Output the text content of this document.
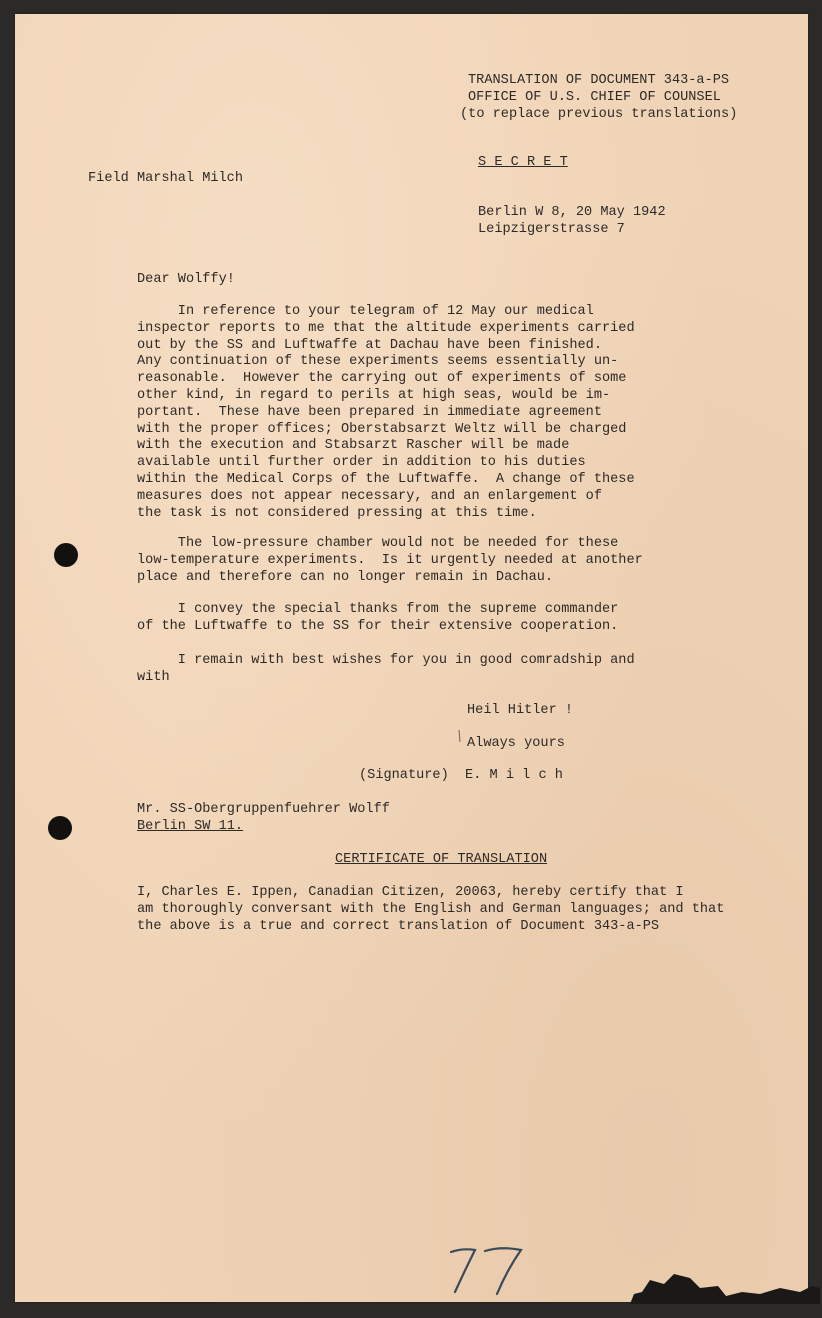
TRANSLATION OF DOCUMENT 343-a-PS

OFFICE OF U.S. CHIEF OF COUNSEL

(to replace previous translations)

S E C R E T

Field Marshal Milch

Berlin W 8, 20 May 1942

Leipzigerstrasse 7

Dear Wolffy!

In reference to your telegram of 12 May our medical
inspector reports to me that the altitude experiments carried
out by the SS and Luftwaffe at Dachau have been finished.
Any continuation of these experiments seems essentially un-
reasonable.  However the carrying out of experiments of some
other kind, in regard to perils at high seas, would be im-
portant.  These have been prepared in immediate agreement
with the proper offices; Oberstabsarzt Weltz will be charged
with the execution and Stabsarzt Rascher will be made
available until further order in addition to his duties
within the Medical Corps of the Luftwaffe.  A change of these
measures does not appear necessary, and an enlargement of
the task is not considered pressing at this time.

The low-pressure chamber would not be needed for these
low-temperature experiments.  Is it urgently needed at another
place and therefore can no longer remain in Dachau.

I convey the special thanks from the supreme commander
of the Luftwaffe to the SS for their extensive cooperation.

I remain with best wishes for you in good comradship and
with

Heil Hitler !

Always yours

(Signature)  E. M i l c h

Mr. SS-Obergruppenfuehrer Wolff

Berlin SW 11.

CERTIFICATE OF TRANSLATION

I, Charles E. Ippen, Canadian Citizen, 20063, hereby certify that I
am thoroughly conversant with the English and German languages; and that
the above is a true and correct translation of Document 343-a-PS

77
